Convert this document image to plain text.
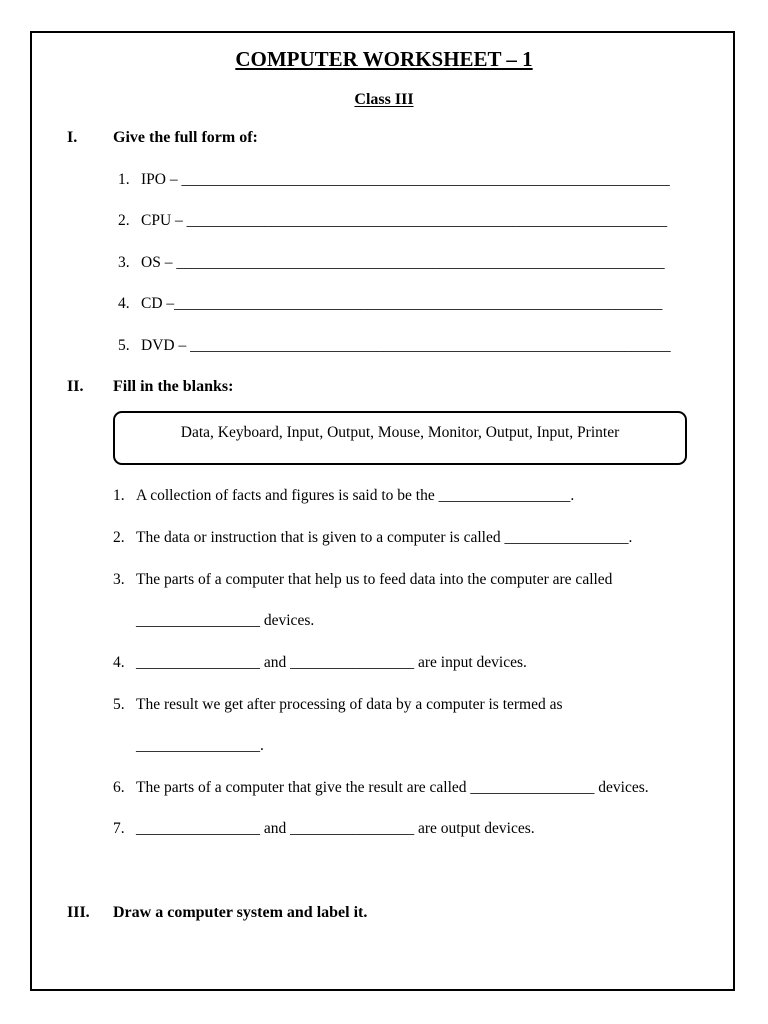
COMPUTER WORKSHEET – 1
Class III
I. Give the full form of:
1. IPO – _______________________________________________________________
2. CPU – ______________________________________________________________
3. OS – _______________________________________________________________
4. CD –_______________________________________________________________
5. DVD – ______________________________________________________________
II. Fill in the blanks:
Data, Keyboard, Input, Output, Mouse, Monitor, Output, Input, Printer
1. A collection of facts and figures is said to be the _________________.
2. The data or instruction that is given to a computer is called ________________.
3. The parts of a computer that help us to feed data into the computer are called
________________ devices.
4. ________________ and ________________ are input devices.
5. The result we get after processing of data by a computer is termed as
________________.
6. The parts of a computer that give the result are called ________________ devices.
7. ________________ and ________________ are output devices.
III. Draw a computer system and label it.
